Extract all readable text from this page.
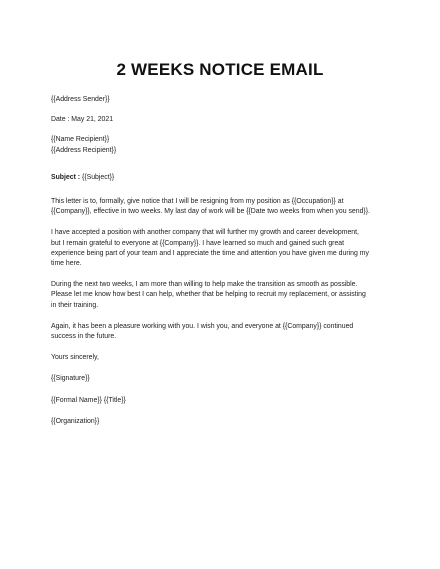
2 WEEKS NOTICE EMAIL
{{Address Sender}}
Date : May 21, 2021
{{Name Recipient}}
{{Address Recipient}}
Subject : {{Subject}}
This letter is to, formally, give notice that I will be resigning from my position as {{Occupation}} at
{{Company}}, effective in two weeks. My last day of work will be {{Date two weeks from when you send}}.
I have accepted a position with another company that will further my growth and career development,
but I remain grateful to everyone at {{Company}}. I have learned so much and gained such great
experience being part of your team and I appreciate the time and attention you have given me during my
time here.
During the next two weeks, I am more than willing to help make the transition as smooth as possible.
Please let me know how best I can help, whether that be helping to recruit my replacement, or assisting
in their training.
Again, it has been a pleasure working with you. I wish you, and everyone at {{Company}} continued
success in the future.
Yours sincerely,
{{Signature}}
{{Formal Name}} {{Title}}
{{Organization}}
